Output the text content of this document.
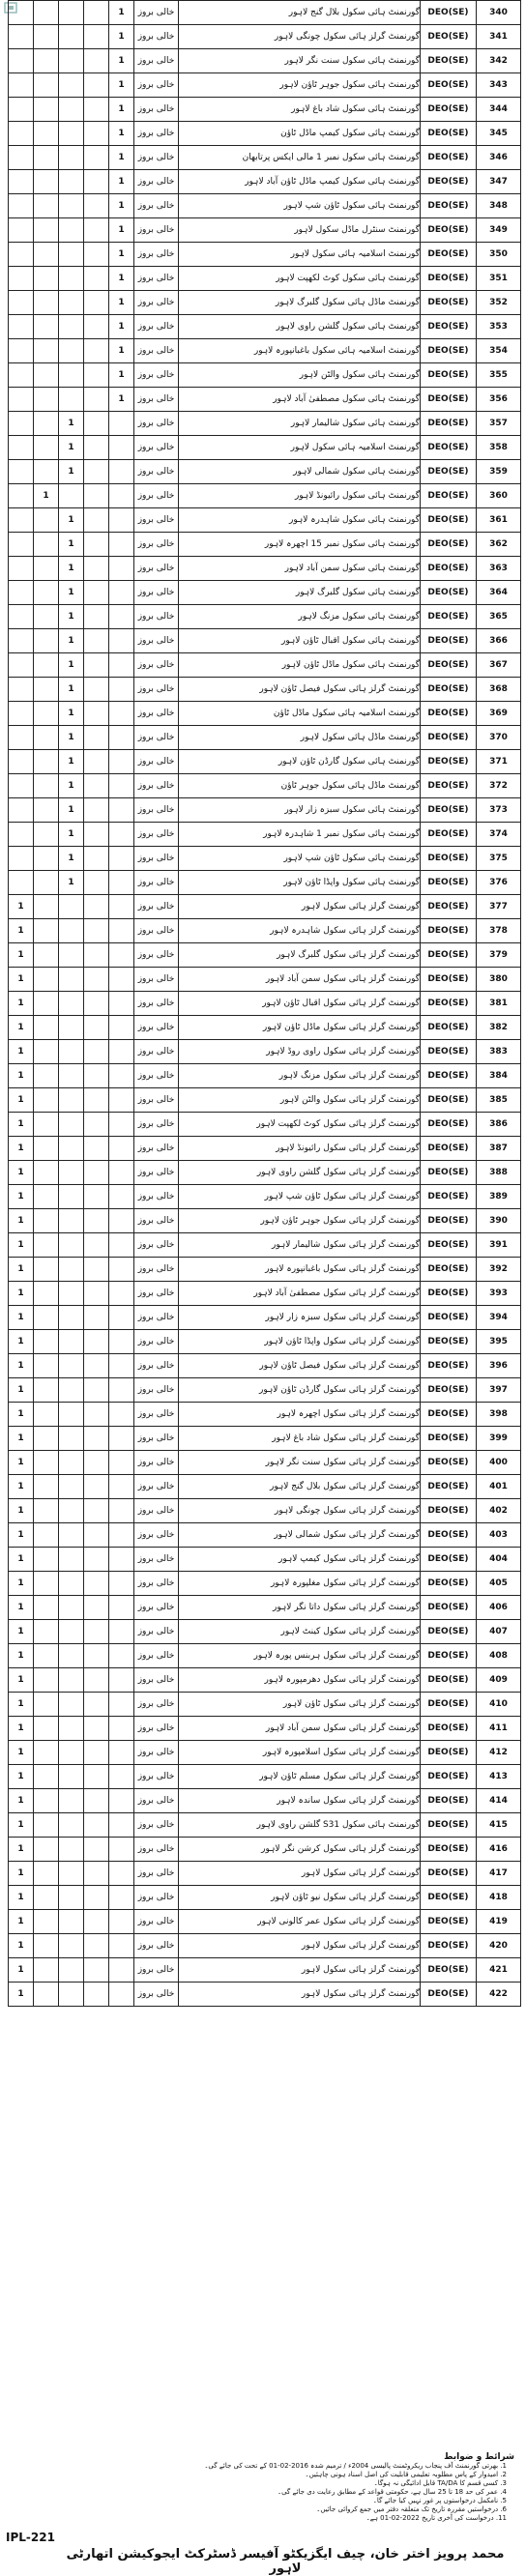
				1	خالی بروز	گورنمنٹ ہائی سکول بلال گنج لاہور	DEO(SE)	340
				1	خالی بروز	گورنمنٹ گرلز ہائی سکول چونگی لاہور	DEO(SE)	341
				1	خالی بروز	گورنمنٹ ہائی سکول سنت نگر لاہور	DEO(SE)	342
				1	خالی بروز	گورنمنٹ ہائی سکول جوہر ٹاؤن لاہور	DEO(SE)	343
				1	خالی بروز	گورنمنٹ ہائی سکول شاد باغ لاہور	DEO(SE)	344
				1	خالی بروز	گورنمنٹ ہائی سکول کیمپ ماڈل ٹاؤن	DEO(SE)	345
				1	خالی بروز	گورنمنٹ ہائی سکول نمبر 1 مالی ایکس پرتابھان	DEO(SE)	346
				1	خالی بروز	گورنمنٹ ہائی سکول کیمپ ماڈل ٹاؤن آباد لاہور	DEO(SE)	347
				1	خالی بروز	گورنمنٹ ہائی سکول ٹاؤن شپ لاہور	DEO(SE)	348
				1	خالی بروز	گورنمنٹ سنٹرل ماڈل سکول لاہور	DEO(SE)	349
				1	خالی بروز	گورنمنٹ اسلامیہ ہائی سکول لاہور	DEO(SE)	350
				1	خالی بروز	گورنمنٹ ہائی سکول کوٹ لکھپت لاہور	DEO(SE)	351
				1	خالی بروز	گورنمنٹ ماڈل ہائی سکول گلبرگ لاہور	DEO(SE)	352
				1	خالی بروز	گورنمنٹ ہائی سکول گلشن راوی لاہور	DEO(SE)	353
				1	خالی بروز	گورنمنٹ اسلامیہ ہائی سکول باغبانپورہ لاہور	DEO(SE)	354
				1	خالی بروز	گورنمنٹ ہائی سکول والٹن لاہور	DEO(SE)	355
				1	خالی بروز	گورنمنٹ ہائی سکول مصطفیٰ آباد لاہور	DEO(SE)	356
		1			خالی بروز	گورنمنٹ ہائی سکول شالیمار لاہور	DEO(SE)	357
		1			خالی بروز	گورنمنٹ اسلامیہ ہائی سکول لاہور	DEO(SE)	358
		1			خالی بروز	گورنمنٹ ہائی سکول شمالی لاہور	DEO(SE)	359
	1				خالی بروز	گورنمنٹ ہائی سکول رائیونڈ لاہور	DEO(SE)	360
		1			خالی بروز	گورنمنٹ ہائی سکول شاہدرہ لاہور	DEO(SE)	361
		1			خالی بروز	گورنمنٹ ہائی سکول نمبر 15 اچھرہ لاہور	DEO(SE)	362
		1			خالی بروز	گورنمنٹ ہائی سکول سمن آباد لاہور	DEO(SE)	363
		1			خالی بروز	گورنمنٹ ہائی سکول گلبرگ لاہور	DEO(SE)	364
		1			خالی بروز	گورنمنٹ ہائی سکول مزنگ لاہور	DEO(SE)	365
		1			خالی بروز	گورنمنٹ ہائی سکول اقبال ٹاؤن لاہور	DEO(SE)	366
		1			خالی بروز	گورنمنٹ ہائی سکول ماڈل ٹاؤن لاہور	DEO(SE)	367
		1			خالی بروز	گورنمنٹ گرلز ہائی سکول فیصل ٹاؤن لاہور	DEO(SE)	368
		1			خالی بروز	گورنمنٹ اسلامیہ ہائی سکول ماڈل ٹاؤن	DEO(SE)	369
		1			خالی بروز	گورنمنٹ ماڈل ہائی سکول لاہور	DEO(SE)	370
		1			خالی بروز	گورنمنٹ ہائی سکول گارڈن ٹاؤن لاہور	DEO(SE)	371
		1			خالی بروز	گورنمنٹ ماڈل ہائی سکول جوہر ٹاؤن	DEO(SE)	372
		1			خالی بروز	گورنمنٹ ہائی سکول سبزہ زار لاہور	DEO(SE)	373
		1			خالی بروز	گورنمنٹ ہائی سکول نمبر 1 شاہدرہ لاہور	DEO(SE)	374
		1			خالی بروز	گورنمنٹ ہائی سکول ٹاؤن شپ لاہور	DEO(SE)	375
		1			خالی بروز	گورنمنٹ ہائی سکول واپڈا ٹاؤن لاہور	DEO(SE)	376
1					خالی بروز	گورنمنٹ گرلز ہائی سکول لاہور	DEO(SE)	377
1					خالی بروز	گورنمنٹ گرلز ہائی سکول شاہدرہ لاہور	DEO(SE)	378
1					خالی بروز	گورنمنٹ گرلز ہائی سکول گلبرگ لاہور	DEO(SE)	379
1					خالی بروز	گورنمنٹ گرلز ہائی سکول سمن آباد لاہور	DEO(SE)	380
1					خالی بروز	گورنمنٹ گرلز ہائی سکول اقبال ٹاؤن لاہور	DEO(SE)	381
1					خالی بروز	گورنمنٹ گرلز ہائی سکول ماڈل ٹاؤن لاہور	DEO(SE)	382
1					خالی بروز	گورنمنٹ گرلز ہائی سکول راوی روڈ لاہور	DEO(SE)	383
1					خالی بروز	گورنمنٹ گرلز ہائی سکول مزنگ لاہور	DEO(SE)	384
1					خالی بروز	گورنمنٹ گرلز ہائی سکول والٹن لاہور	DEO(SE)	385
1					خالی بروز	گورنمنٹ گرلز ہائی سکول کوٹ لکھپت لاہور	DEO(SE)	386
1					خالی بروز	گورنمنٹ گرلز ہائی سکول رائیونڈ لاہور	DEO(SE)	387
1					خالی بروز	گورنمنٹ گرلز ہائی سکول گلشن راوی لاہور	DEO(SE)	388
1					خالی بروز	گورنمنٹ گرلز ہائی سکول ٹاؤن شپ لاہور	DEO(SE)	389
1					خالی بروز	گورنمنٹ گرلز ہائی سکول جوہر ٹاؤن لاہور	DEO(SE)	390
1					خالی بروز	گورنمنٹ گرلز ہائی سکول شالیمار لاہور	DEO(SE)	391
1					خالی بروز	گورنمنٹ گرلز ہائی سکول باغبانپورہ لاہور	DEO(SE)	392
1					خالی بروز	گورنمنٹ گرلز ہائی سکول مصطفیٰ آباد لاہور	DEO(SE)	393
1					خالی بروز	گورنمنٹ گرلز ہائی سکول سبزہ زار لاہور	DEO(SE)	394
1					خالی بروز	گورنمنٹ گرلز ہائی سکول واپڈا ٹاؤن لاہور	DEO(SE)	395
1					خالی بروز	گورنمنٹ گرلز ہائی سکول فیصل ٹاؤن لاہور	DEO(SE)	396
1					خالی بروز	گورنمنٹ گرلز ہائی سکول گارڈن ٹاؤن لاہور	DEO(SE)	397
1					خالی بروز	گورنمنٹ گرلز ہائی سکول اچھرہ لاہور	DEO(SE)	398
1					خالی بروز	گورنمنٹ گرلز ہائی سکول شاد باغ لاہور	DEO(SE)	399
1					خالی بروز	گورنمنٹ گرلز ہائی سکول سنت نگر لاہور	DEO(SE)	400
1					خالی بروز	گورنمنٹ گرلز ہائی سکول بلال گنج لاہور	DEO(SE)	401
1					خالی بروز	گورنمنٹ گرلز ہائی سکول چونگی لاہور	DEO(SE)	402
1					خالی بروز	گورنمنٹ گرلز ہائی سکول شمالی لاہور	DEO(SE)	403
1					خالی بروز	گورنمنٹ گرلز ہائی سکول کیمپ لاہور	DEO(SE)	404
1					خالی بروز	گورنمنٹ گرلز ہائی سکول مغلپورہ لاہور	DEO(SE)	405
1					خالی بروز	گورنمنٹ گرلز ہائی سکول داتا نگر لاہور	DEO(SE)	406
1					خالی بروز	گورنمنٹ گرلز ہائی سکول کینٹ لاہور	DEO(SE)	407
1					خالی بروز	گورنمنٹ گرلز ہائی سکول ہربنس پورہ لاہور	DEO(SE)	408
1					خالی بروز	گورنمنٹ گرلز ہائی سکول دھرمپورہ لاہور	DEO(SE)	409
1					خالی بروز	گورنمنٹ گرلز ہائی سکول ٹاؤن لاہور	DEO(SE)	410
1					خالی بروز	گورنمنٹ گرلز ہائی سکول سمن آباد لاہور	DEO(SE)	411
1					خالی بروز	گورنمنٹ گرلز ہائی سکول اسلامپورہ لاہور	DEO(SE)	412
1					خالی بروز	گورنمنٹ گرلز ہائی سکول مسلم ٹاؤن لاہور	DEO(SE)	413
1					خالی بروز	گورنمنٹ گرلز ہائی سکول ساندہ لاہور	DEO(SE)	414
1					خالی بروز	گورنمنٹ ہائی سکول S31 گلشن راوی لاہور	DEO(SE)	415
1					خالی بروز	گورنمنٹ گرلز ہائی سکول کرشن نگر لاہور	DEO(SE)	416
1					خالی بروز	گورنمنٹ گرلز ہائی سکول لاہور	DEO(SE)	417
1					خالی بروز	گورنمنٹ گرلز ہائی سکول نیو ٹاؤن لاہور	DEO(SE)	418
1					خالی بروز	گورنمنٹ گرلز ہائی سکول عمر کالونی لاہور	DEO(SE)	419
1					خالی بروز	گورنمنٹ گرلز ہائی سکول لاہور	DEO(SE)	420
1					خالی بروز	گورنمنٹ گرلز ہائی سکول لاہور	DEO(SE)	421
1					خالی بروز	گورنمنٹ گرلز ہائی سکول لاہور	DEO(SE)	422
شرائط و ضوابط
1. بھرتی گورنمنٹ آف پنجاب ریکروٹمنٹ پالیسی 2004ء / ترمیم شدہ 2016-02-01 کے تحت کی جائے گی۔
2. امیدوار کے پاس مطلوبہ تعلیمی قابلیت کی اصل اسناد ہونی چاہئیں۔
3. کسی قسم کا TA/DA قابل ادائیگی نہ ہوگا۔
4. عمر کی حد 18 تا 25 سال ہے، حکومتی قواعد کے مطابق رعایت دی جائے گی۔
5. نامکمل درخواستوں پر غور نہیں کیا جائے گا۔
6. درخواستیں مقررہ تاریخ تک متعلقہ دفتر میں جمع کروائی جائیں۔
11. درخواست کی آخری تاریخ 2022-02-01 ہے۔
IPL-221
محمد پرویز اختر خان، چیف ایگزیکٹو آفیسر ڈسٹرکٹ ایجوکیشن اتھارٹی لاہور
